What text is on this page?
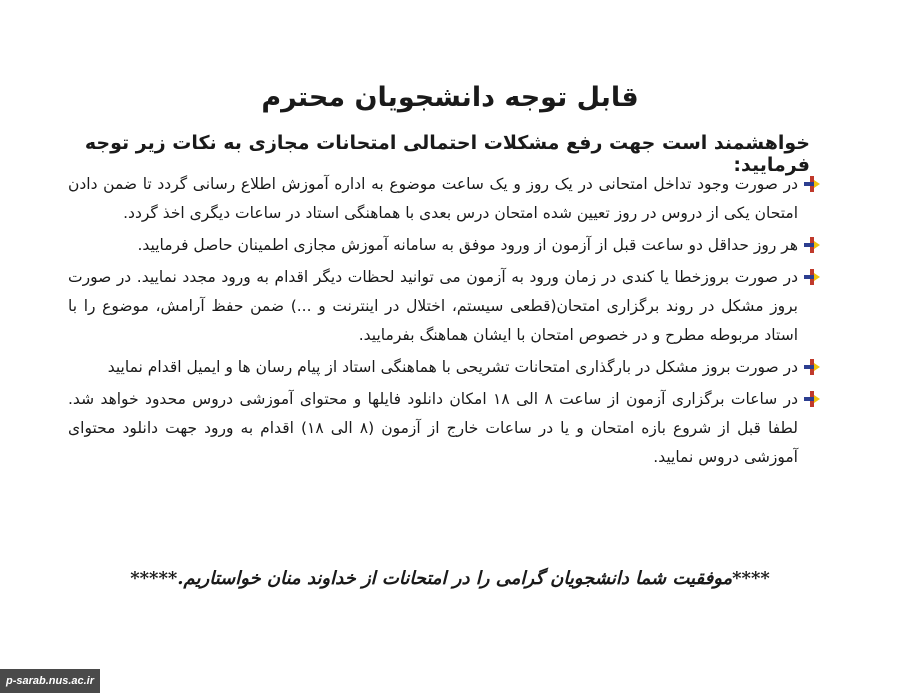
قابل توجه دانشجویان محترم
خواهشمند است جهت رفع مشکلات احتمالی امتحانات مجازی به نکات زیر توجه فرمایید:
در صورت وجود تداخل امتحانی در یک روز و یک ساعت موضوع به اداره آموزش اطلاع رسانی گردد تا ضمن دادن امتحان یکی از دروس در روز تعیین شده امتحان درس بعدی با هماهنگی استاد در ساعات دیگری اخذ گردد.
هر روز حداقل دو ساعت قبل از آزمون از ورود موفق به سامانه آموزش مجازی اطمینان حاصل فرمایید.
در صورت بروزخطا یا کندی در زمان ورود به آزمون می توانید لحظات دیگر اقدام به ورود مجدد نمایید. در صورت بروز مشکل در روند برگزاری امتحان(قطعی سیستم، اختلال در اینترنت و ...) ضمن حفظ آرامش، موضوع را با استاد مربوطه مطرح و در خصوص امتحان با ایشان هماهنگ بفرمایید.
در صورت بروز مشکل در بارگذاری امتحانات تشریحی با هماهنگی استاد از پیام رسان ها و ایمیل اقدام نمایید
در ساعات برگزاری آزمون از ساعت ۸ الی ۱۸ امکان دانلود فایلها و محتوای آموزشی دروس محدود خواهد شد. لطفا قبل از شروع بازه امتحان و یا در ساعات خارج از آزمون (۸ الی ۱۸) اقدام به ورود جهت دانلود محتوای آموزشی دروس نمایید.

****موفقیت شما دانشجویان گرامی را در امتحانات از خداوند منان خواستاریم.*****

p-sarab.nus.ac.ir
